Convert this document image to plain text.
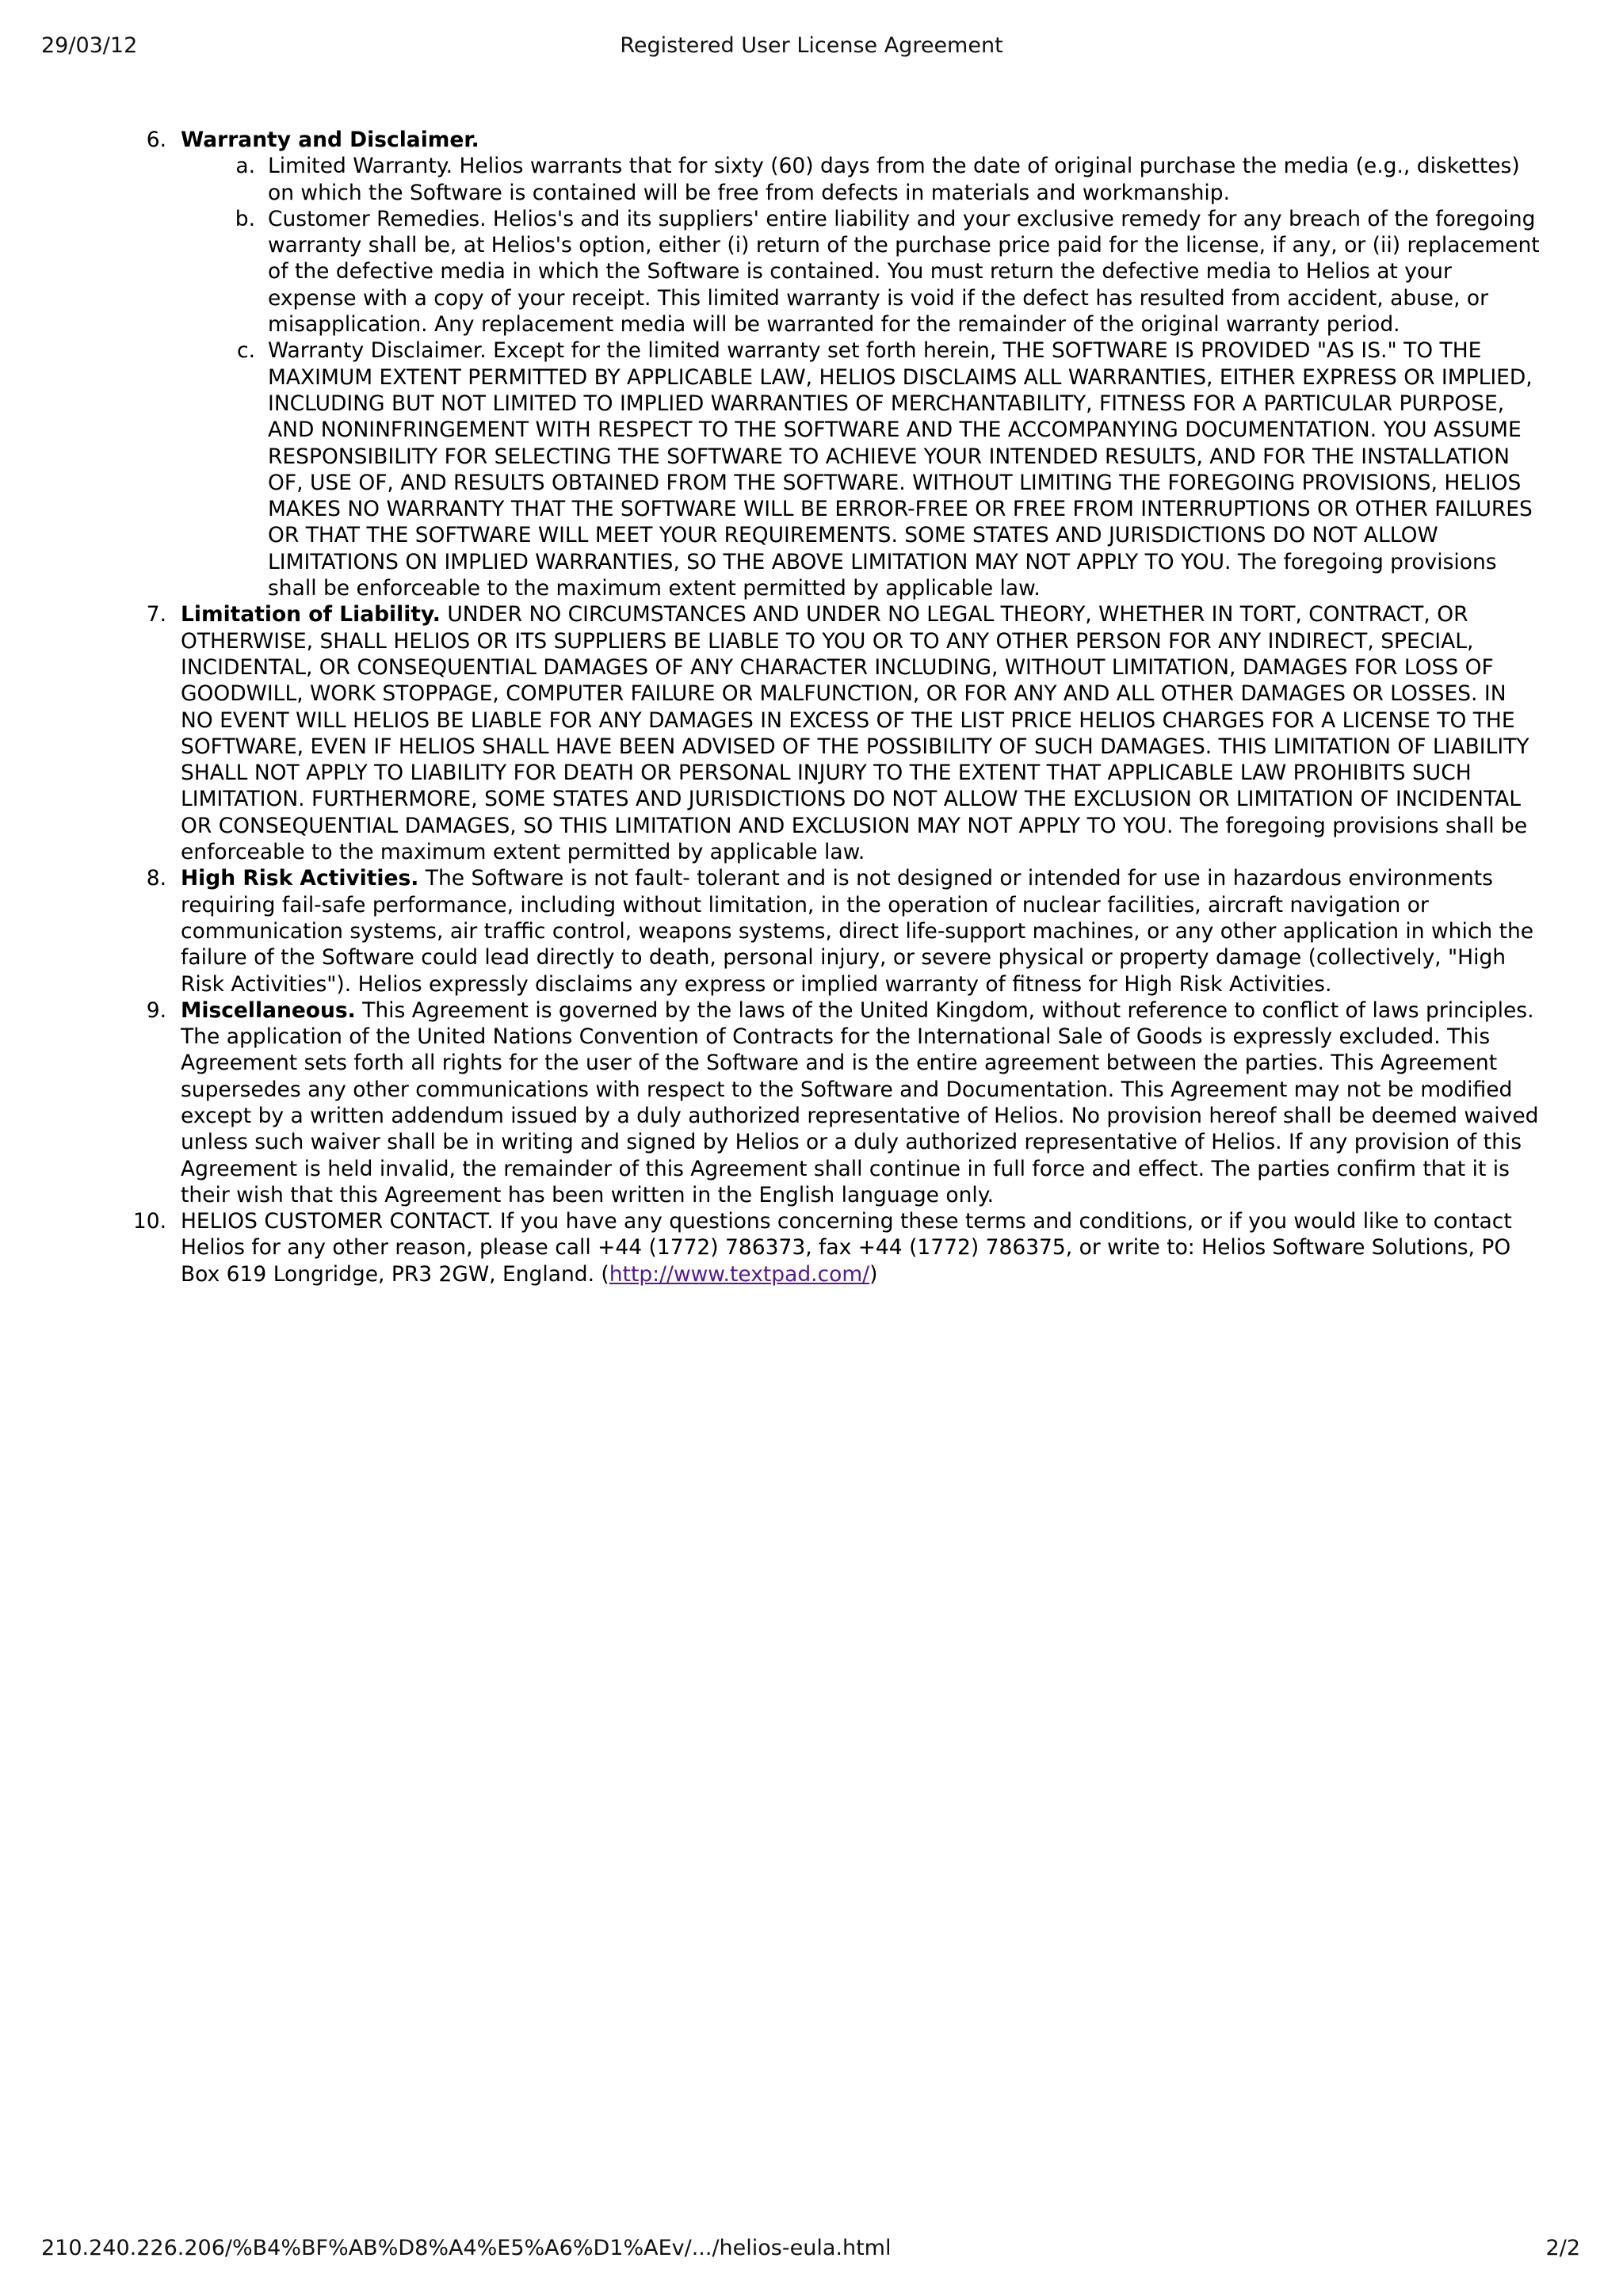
29/03/12	Registered User License Agreement
6. Warranty and Disclaimer.
a. Limited Warranty. Helios warrants that for sixty (60) days from the date of original purchase the media (e.g., diskettes) on which the Software is contained will be free from defects in materials and workmanship.
b. Customer Remedies. Helios's and its suppliers' entire liability and your exclusive remedy for any breach of the foregoing warranty shall be, at Helios's option, either (i) return of the purchase price paid for the license, if any, or (ii) replacement of the defective media in which the Software is contained. You must return the defective media to Helios at your expense with a copy of your receipt. This limited warranty is void if the defect has resulted from accident, abuse, or misapplication. Any replacement media will be warranted for the remainder of the original warranty period.
c. Warranty Disclaimer. Except for the limited warranty set forth herein, THE SOFTWARE IS PROVIDED "AS IS." TO THE MAXIMUM EXTENT PERMITTED BY APPLICABLE LAW, HELIOS DISCLAIMS ALL WARRANTIES, EITHER EXPRESS OR IMPLIED, INCLUDING BUT NOT LIMITED TO IMPLIED WARRANTIES OF MERCHANTABILITY, FITNESS FOR A PARTICULAR PURPOSE, AND NONINFRINGEMENT WITH RESPECT TO THE SOFTWARE AND THE ACCOMPANYING DOCUMENTATION. YOU ASSUME RESPONSIBILITY FOR SELECTING THE SOFTWARE TO ACHIEVE YOUR INTENDED RESULTS, AND FOR THE INSTALLATION OF, USE OF, AND RESULTS OBTAINED FROM THE SOFTWARE. WITHOUT LIMITING THE FOREGOING PROVISIONS, HELIOS MAKES NO WARRANTY THAT THE SOFTWARE WILL BE ERROR-FREE OR FREE FROM INTERRUPTIONS OR OTHER FAILURES OR THAT THE SOFTWARE WILL MEET YOUR REQUIREMENTS. SOME STATES AND JURISDICTIONS DO NOT ALLOW LIMITATIONS ON IMPLIED WARRANTIES, SO THE ABOVE LIMITATION MAY NOT APPLY TO YOU. The foregoing provisions shall be enforceable to the maximum extent permitted by applicable law.
7. Limitation of Liability. UNDER NO CIRCUMSTANCES AND UNDER NO LEGAL THEORY, WHETHER IN TORT, CONTRACT, OR OTHERWISE, SHALL HELIOS OR ITS SUPPLIERS BE LIABLE TO YOU OR TO ANY OTHER PERSON FOR ANY INDIRECT, SPECIAL, INCIDENTAL, OR CONSEQUENTIAL DAMAGES OF ANY CHARACTER INCLUDING, WITHOUT LIMITATION, DAMAGES FOR LOSS OF GOODWILL, WORK STOPPAGE, COMPUTER FAILURE OR MALFUNCTION, OR FOR ANY AND ALL OTHER DAMAGES OR LOSSES. IN NO EVENT WILL HELIOS BE LIABLE FOR ANY DAMAGES IN EXCESS OF THE LIST PRICE HELIOS CHARGES FOR A LICENSE TO THE SOFTWARE, EVEN IF HELIOS SHALL HAVE BEEN ADVISED OF THE POSSIBILITY OF SUCH DAMAGES. THIS LIMITATION OF LIABILITY SHALL NOT APPLY TO LIABILITY FOR DEATH OR PERSONAL INJURY TO THE EXTENT THAT APPLICABLE LAW PROHIBITS SUCH LIMITATION. FURTHERMORE, SOME STATES AND JURISDICTIONS DO NOT ALLOW THE EXCLUSION OR LIMITATION OF INCIDENTAL OR CONSEQUENTIAL DAMAGES, SO THIS LIMITATION AND EXCLUSION MAY NOT APPLY TO YOU. The foregoing provisions shall be enforceable to the maximum extent permitted by applicable law.
8. High Risk Activities. The Software is not fault- tolerant and is not designed or intended for use in hazardous environments requiring fail-safe performance, including without limitation, in the operation of nuclear facilities, aircraft navigation or communication systems, air traffic control, weapons systems, direct life-support machines, or any other application in which the failure of the Software could lead directly to death, personal injury, or severe physical or property damage (collectively, "High Risk Activities"). Helios expressly disclaims any express or implied warranty of fitness for High Risk Activities.
9. Miscellaneous. This Agreement is governed by the laws of the United Kingdom, without reference to conflict of laws principles. The application of the United Nations Convention of Contracts for the International Sale of Goods is expressly excluded. This Agreement sets forth all rights for the user of the Software and is the entire agreement between the parties. This Agreement supersedes any other communications with respect to the Software and Documentation. This Agreement may not be modified except by a written addendum issued by a duly authorized representative of Helios. No provision hereof shall be deemed waived unless such waiver shall be in writing and signed by Helios or a duly authorized representative of Helios. If any provision of this Agreement is held invalid, the remainder of this Agreement shall continue in full force and effect. The parties confirm that it is their wish that this Agreement has been written in the English language only.
10. HELIOS CUSTOMER CONTACT. If you have any questions concerning these terms and conditions, or if you would like to contact Helios for any other reason, please call +44 (1772) 786373, fax +44 (1772) 786375, or write to: Helios Software Solutions, PO Box 619 Longridge, PR3 2GW, England. (http://www.textpad.com/)
210.240.226.206/%B4%BF%AB%D8%A4%E5%A6%D1%AEv/.../helios-eula.html	2/2
